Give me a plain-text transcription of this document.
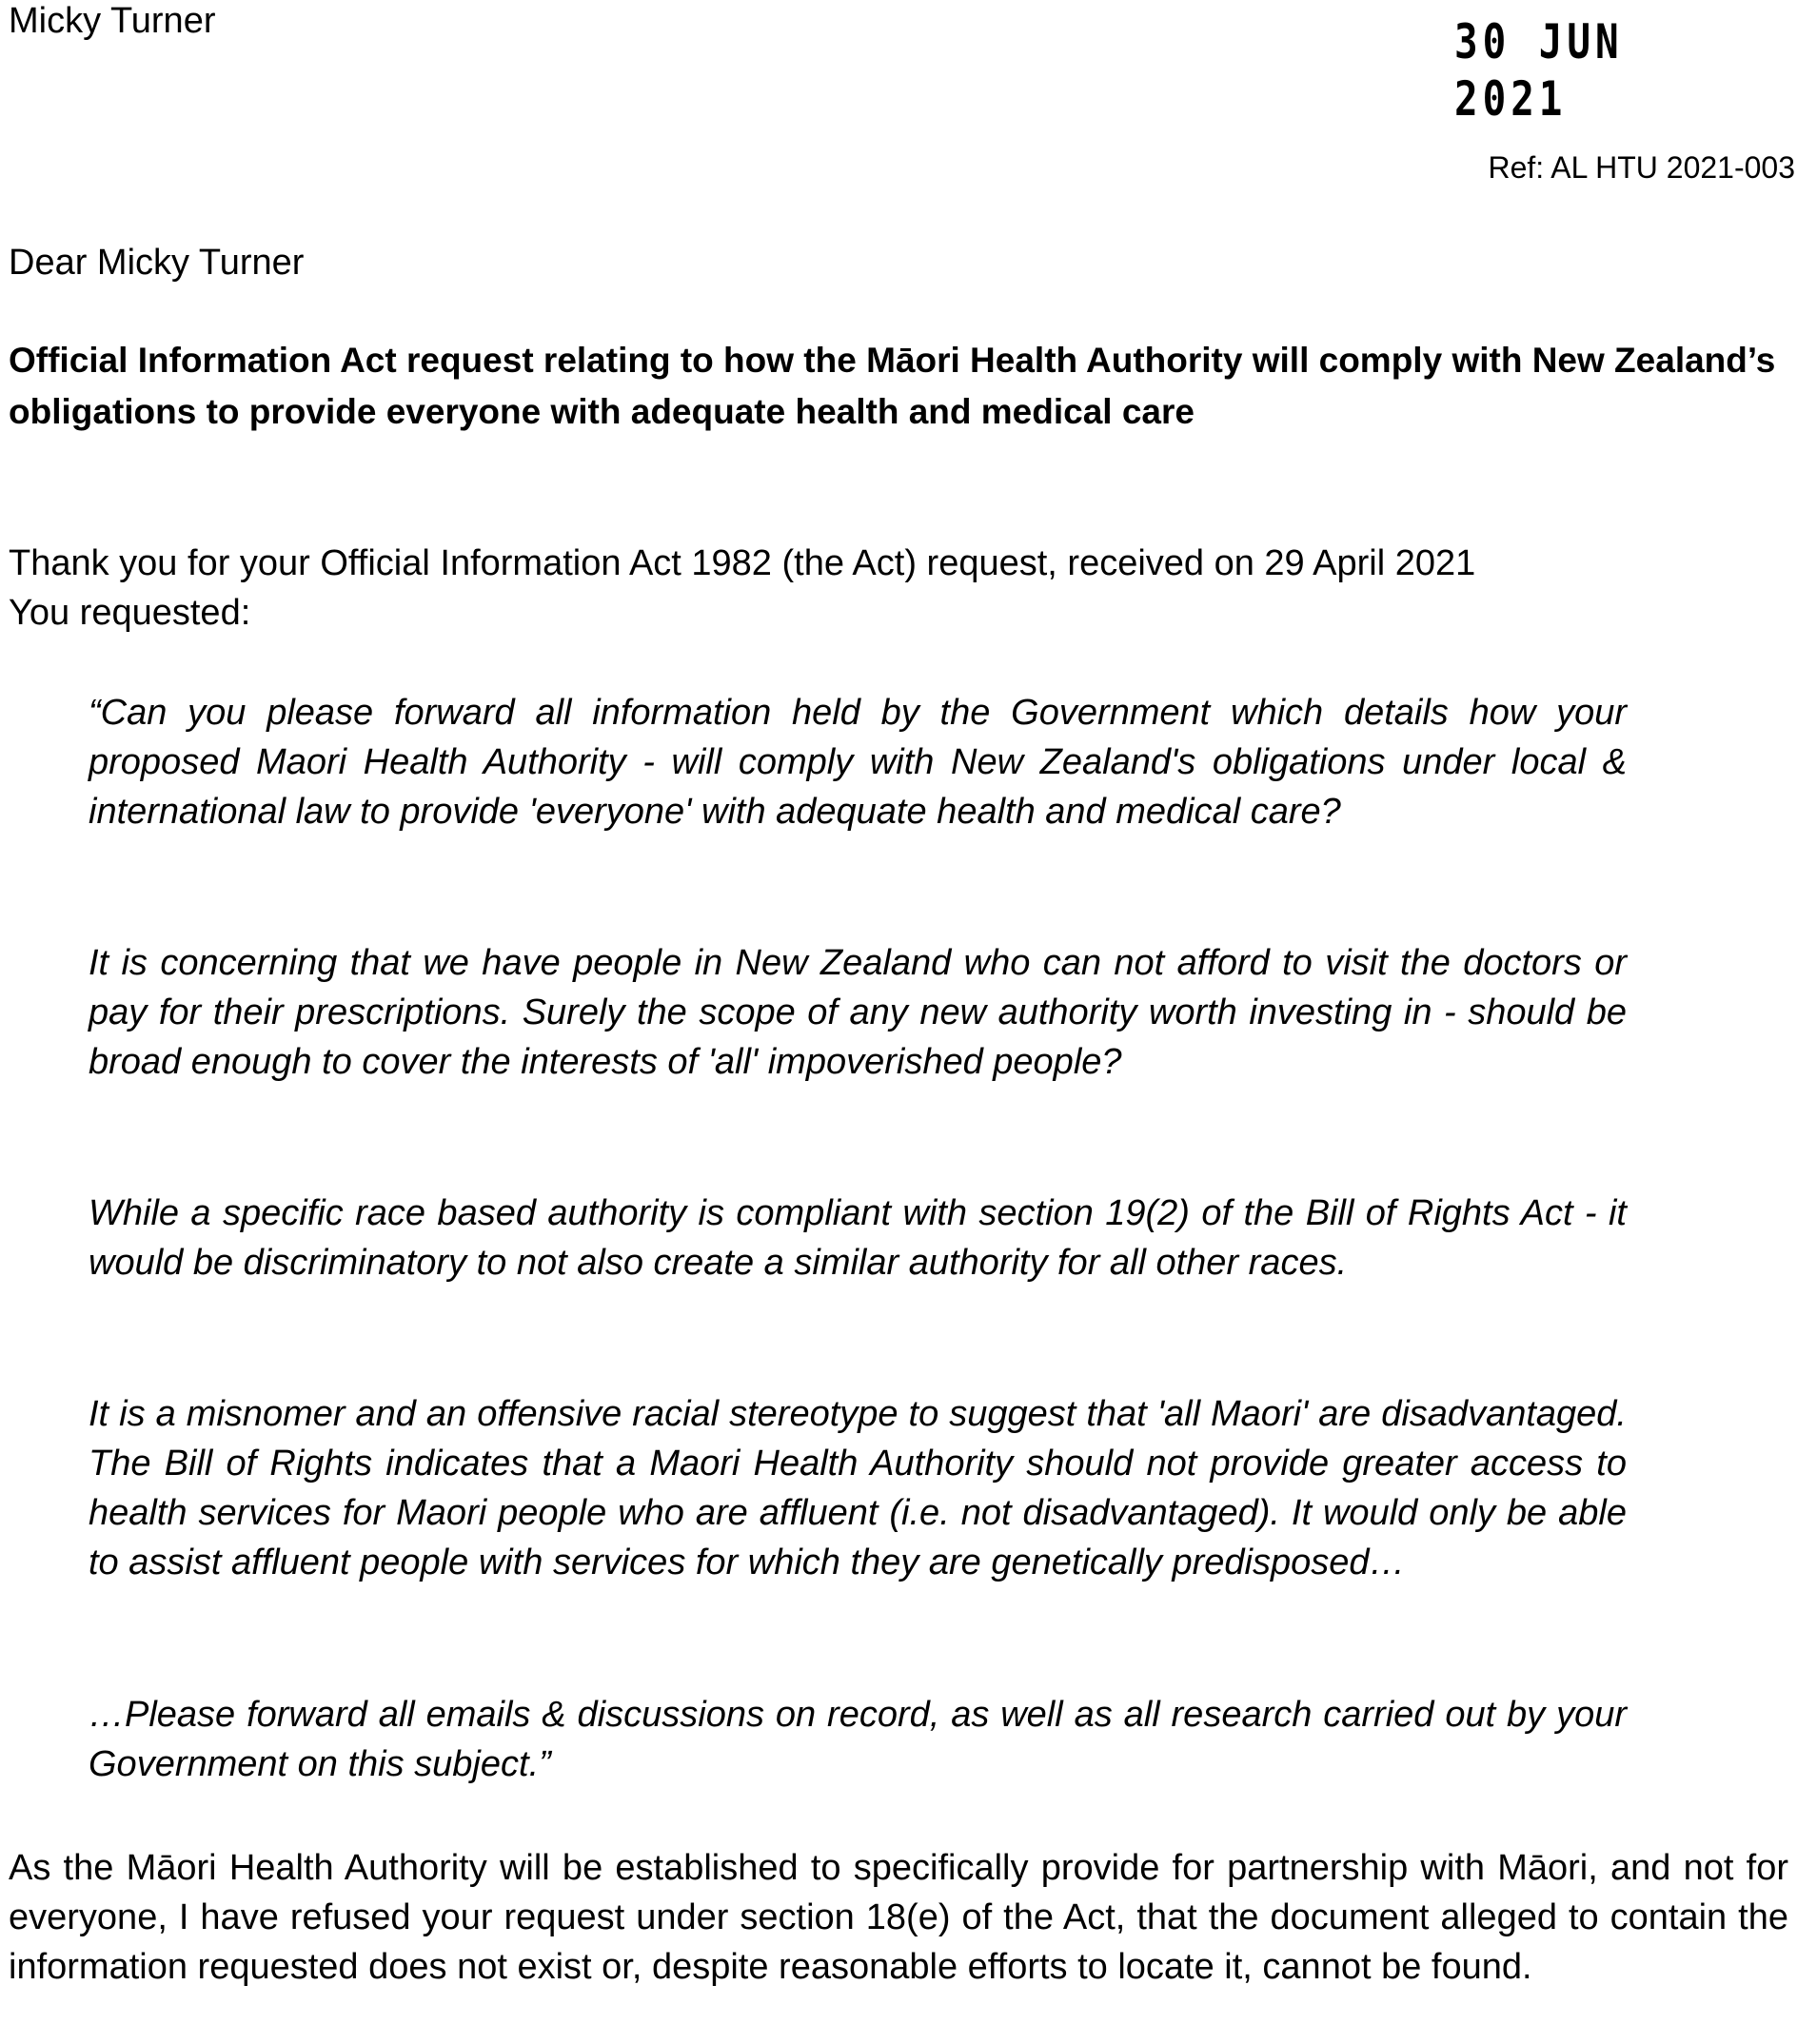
Micky Turner	30 JUN 2021
Ref: AL HTU 2021-003
Dear Micky Turner
Official Information Act request relating to how the Māori Health Authority will comply with New Zealand’s obligations to provide everyone with adequate health and medical care

Thank you for your Official Information Act 1982 (the Act) request, received on 29 April 2021

You requested:

“Can you please forward all information held by the Government which details how your proposed Maori Health Authority - will comply with New Zealand's obligations under local & international law to provide 'everyone' with adequate health and medical care?

It is concerning that we have people in New Zealand who can not afford to visit the doctors or pay for their prescriptions. Surely the scope of any new authority worth investing in - should be broad enough to cover the interests of 'all' impoverished people?

While a specific race based authority is compliant with section 19(2) of the Bill of Rights Act - it would be discriminatory to not also create a similar authority for all other races.

It is a misnomer and an offensive racial stereotype to suggest that 'all Maori' are disadvantaged. The Bill of Rights indicates that a Maori Health Authority should not provide greater access to health services for Maori people who are affluent (i.e. not disadvantaged). It would only be able to assist affluent people with services for which they are genetically predisposed…

…Please forward all emails & discussions on record, as well as all research carried out by your Government on this subject.”

As the Māori Health Authority will be established to specifically provide for partnership with Māori, and not for everyone, I have refused your request under section 18(e) of the Act, that the document alleged to contain the information requested does not exist or, despite reasonable efforts to locate it, cannot be found.
